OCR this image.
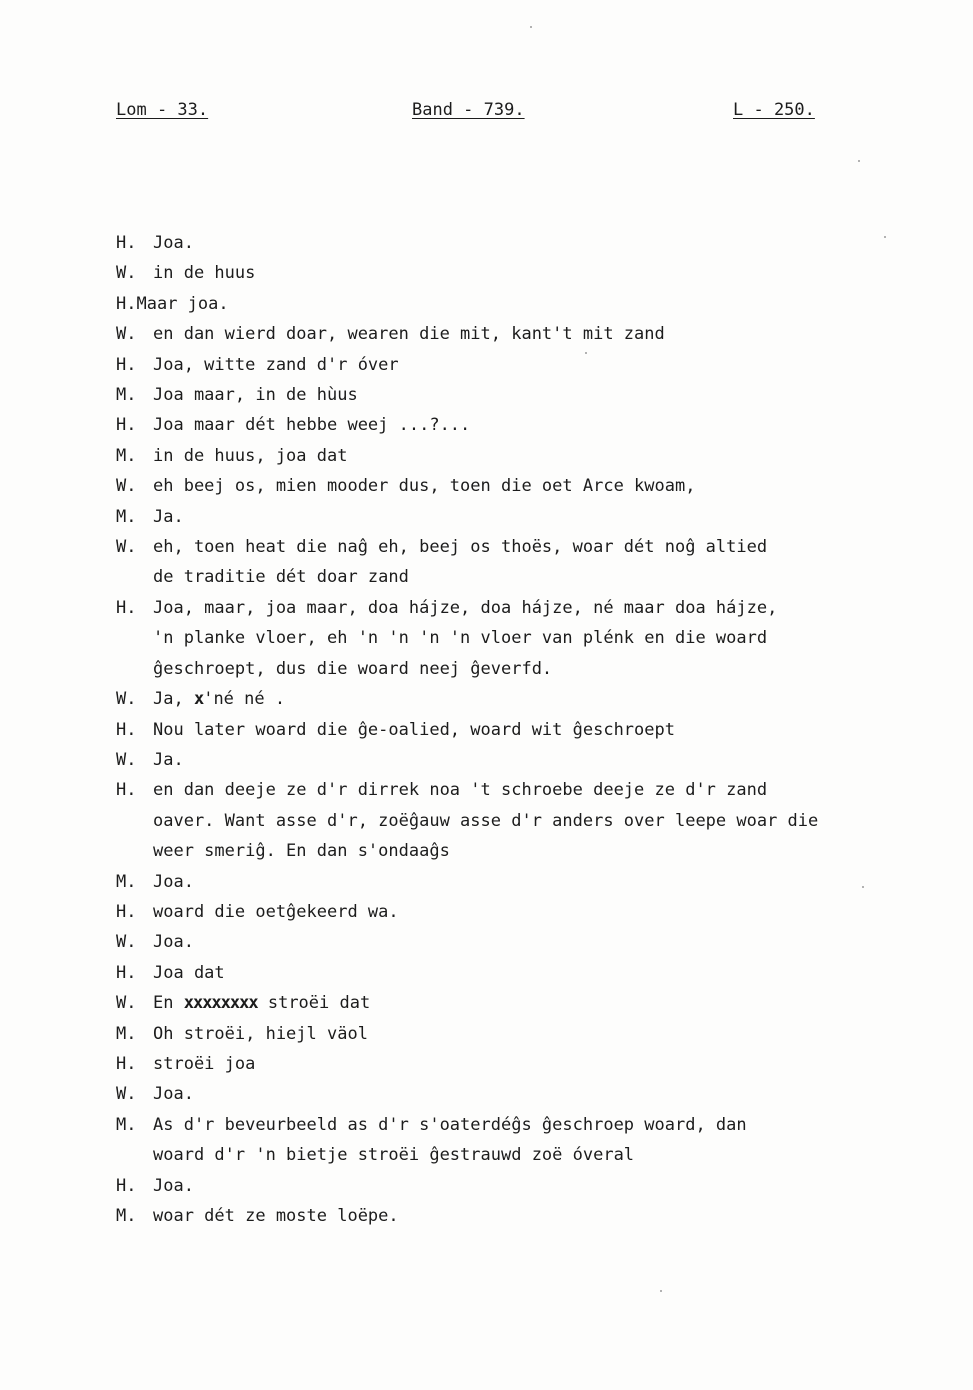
Lom - 33.	Band - 739.	L - 250.
H. Joa.
W. in de huus
H. Maar joa.
W. en dan wierd doar, wearen die mit, kant't mit zand
H. Joa, witte zand d'r óver
M. Joa maar, in de hùus
H. Joa maar dét hebbe weej ...?...
M. in de huus, joa dat
W. eh beej os, mien mooder dus, toen die oet Arce kwoam,
M. Ja.
W. eh, toen heat die naĝ eh, beej os thoës, woar dét noĝ altied
de traditie dét doar zand
H. Joa, maar, joa maar, doa hájze, doa hájze, né maar doa hájze,
'n planke vloer, eh 'n 'n 'n 'n vloer van plénk en die woard
ĝeschroept, dus die woard neej ĝeverfd.
W. Ja, x'né né .
H. Nou later woard die ĝe-oalied, woard wit ĝeschroept
W. Ja.
H. en dan deeje ze d'r dirrek noa 't schroebe deeje ze d'r zand
oaver. Want asse d'r, zoëĝauw asse d'r anders over leepe woar die
weer smeriĝ. En dan s'ondaaĝs
M. Joa.
H. woard die oetĝekeerd wa.
W. Joa.
H. Joa dat
W. En xxxxxxxx stroëi dat
M. Oh stroëi, hiejl väol
H. stroëi joa
W. Joa.
M. As d'r beveurbeeld as d'r s'oaterdéĝs ĝeschroep woard, dan
woard d'r 'n bietje stroëi ĝestrauwd zoë óveral
H. Joa.
M. woar dét ze moste loëpe.
